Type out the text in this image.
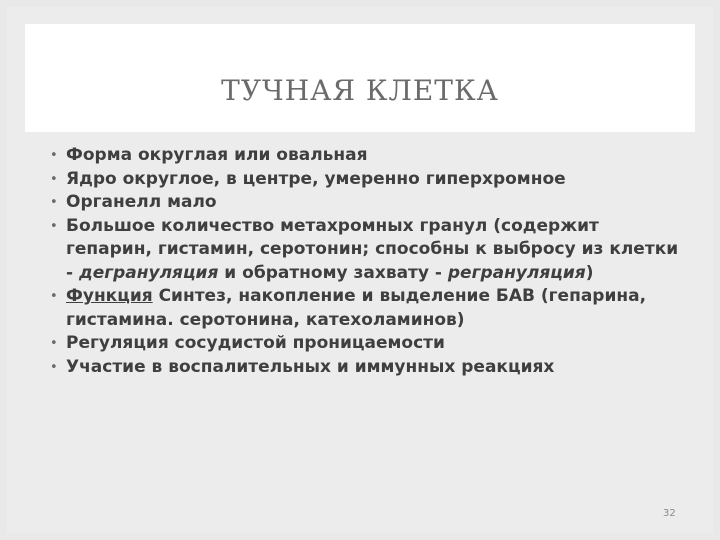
ТУЧНАЯ КЛЕТКА
• Форма округлая или овальная
• Ядро округлое, в центре, умеренно гиперхромное
• Органелл мало
• Большое количество метахромных гранул (содержит гепарин, гистамин, серотонин; способны к выбросу из клетки - дегрануляция и обратному захвату - регрануляция)
• Функция Синтез, накопление и выделение БАВ (гепарина, гистамина. серотонина, катехоламинов)
• Регуляция сосудистой проницаемости
• Участие в воспалительных и иммунных реакциях
32
